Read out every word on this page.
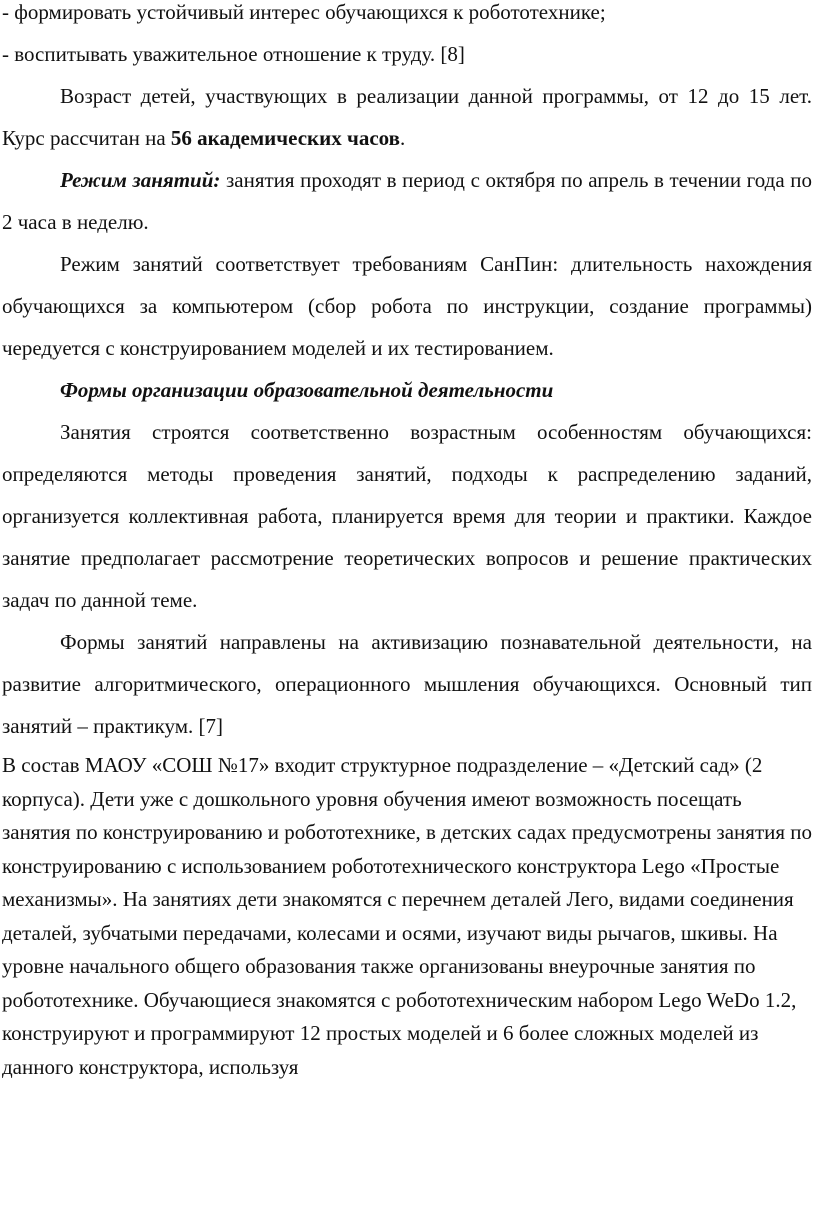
- формировать устойчивый интерес обучающихся к робототехнике;

- воспитывать уважительное отношение к труду. [8]

Возраст детей, участвующих в реализации данной программы, от 12 до 15 лет. Курс рассчитан на 56 академических часов.

Режим занятий: занятия проходят в период с октября по апрель в течении года по 2 часа в неделю.

Режим занятий соответствует требованиям СанПин: длительность нахождения обучающихся за компьютером (сбор робота по инструкции, создание программы) чередуется с конструированием моделей и их тестированием.

Формы организации образовательной деятельности

Занятия строятся соответственно возрастным особенностям обучающихся: определяются методы проведения занятий, подходы к распределению заданий, организуется коллективная работа, планируется время для теории и практики. Каждое занятие предполагает рассмотрение теоретических вопросов и решение практических задач по данной теме.

Формы занятий направлены на активизацию познавательной деятельности, на развитие алгоритмического, операционного мышления обучающихся. Основный тип занятий – практикум. [7]

В состав МАОУ «СОШ №17» входит структурное подразделение – «Детский сад» (2 корпуса). Дети уже с дошкольного уровня обучения имеют возможность посещать занятия по конструированию и робототехнике, в детских садах предусмотрены занятия по конструированию с использованием робототехнического конструктора Lego «Простые механизмы». На занятиях дети знакомятся с перечнем деталей Лего, видами соединения деталей, зубчатыми передачами, колесами и осями, изучают виды рычагов, шкивы. На уровне начального общего образования также организованы внеурочные занятия по робототехнике. Обучающиеся знакомятся с робототехническим набором Lego WeDo 1.2, конструируют и программируют 12 простых моделей и 6 более сложных моделей из данного конструктора, используя
